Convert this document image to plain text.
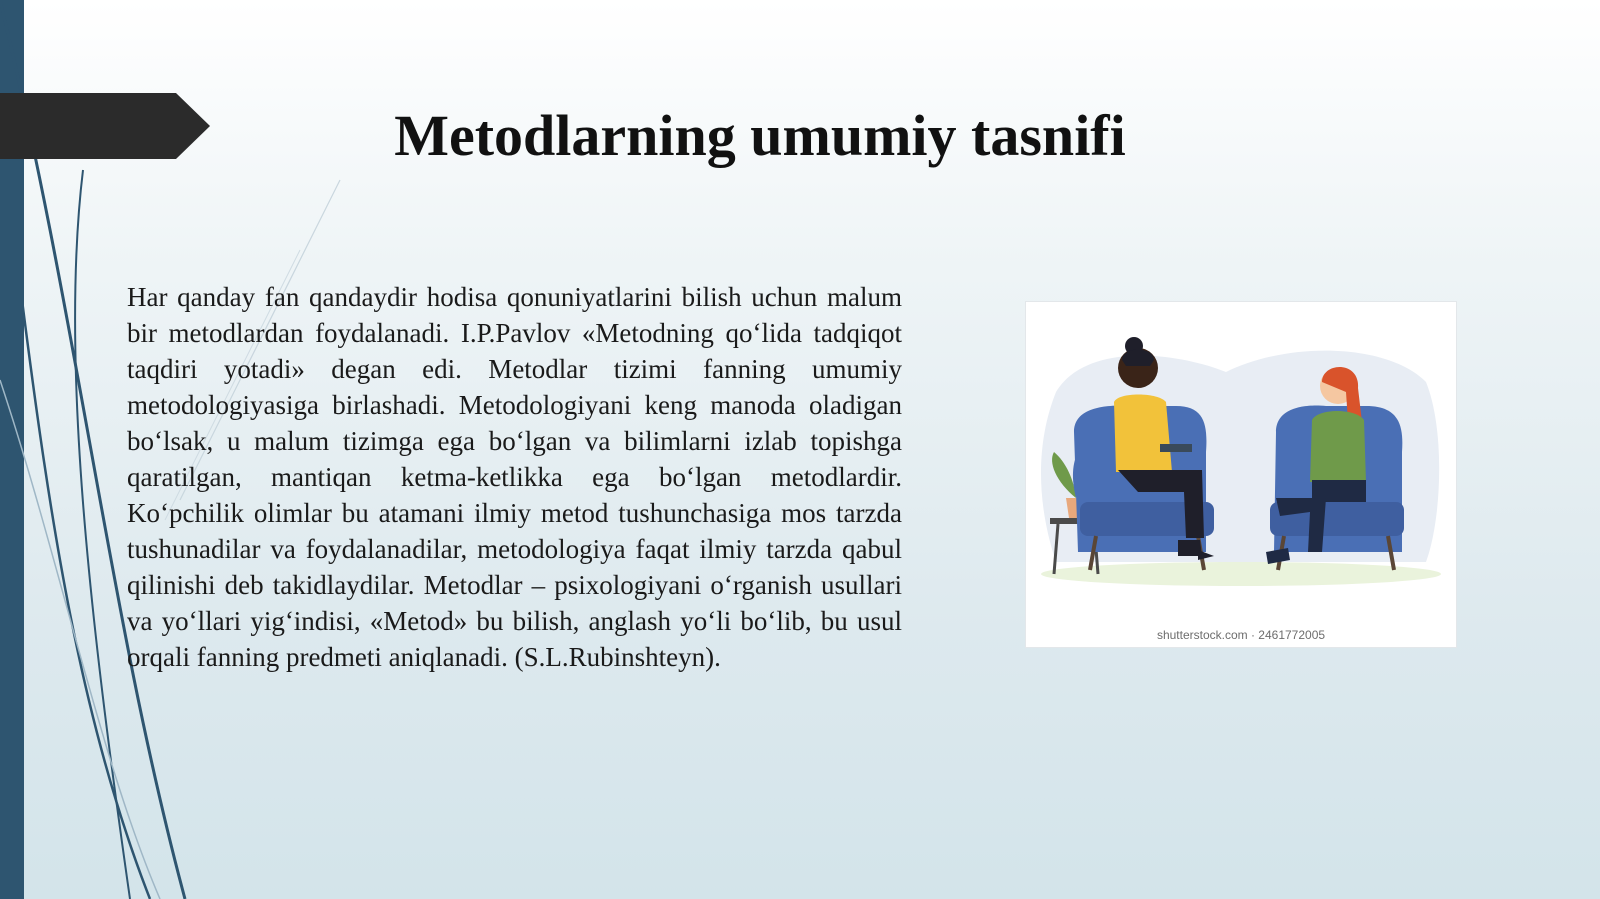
Metodlarning umumiy tasnifi

Har qanday fan qandaydir hodisa qonuniyatlarini bilish uchun malum bir metodlardan foydalanadi. I.P.Pavlov «Metodning qo‘lida tadqiqot taqdiri yotadi» degan edi. Metodlar tizimi fanning umumiy metodologiyasiga birlashadi. Metodologiyani keng manoda oladigan bo‘lsak, u malum tizimga ega bo‘lgan va bilimlarni izlab topishga qaratilgan, mantiqan ketma-ketlikka ega bo‘lgan metodlardir. Ko‘pchilik olimlar bu atamani ilmiy metod tushunchasiga mos tarzda tushunadilar va foydalanadilar, metodologiya faqat ilmiy tarzda qabul qilinishi deb takidlaydilar. Metodlar – psixologiyani o‘rganish usullari va yo‘llari yig‘indisi, «Metod» bu bilish, anglash yo‘li bo‘lib, bu usul orqali fanning predmeti aniqlanadi. (S.L.Rubinshteyn).

shutterstock.com · 2461772005
